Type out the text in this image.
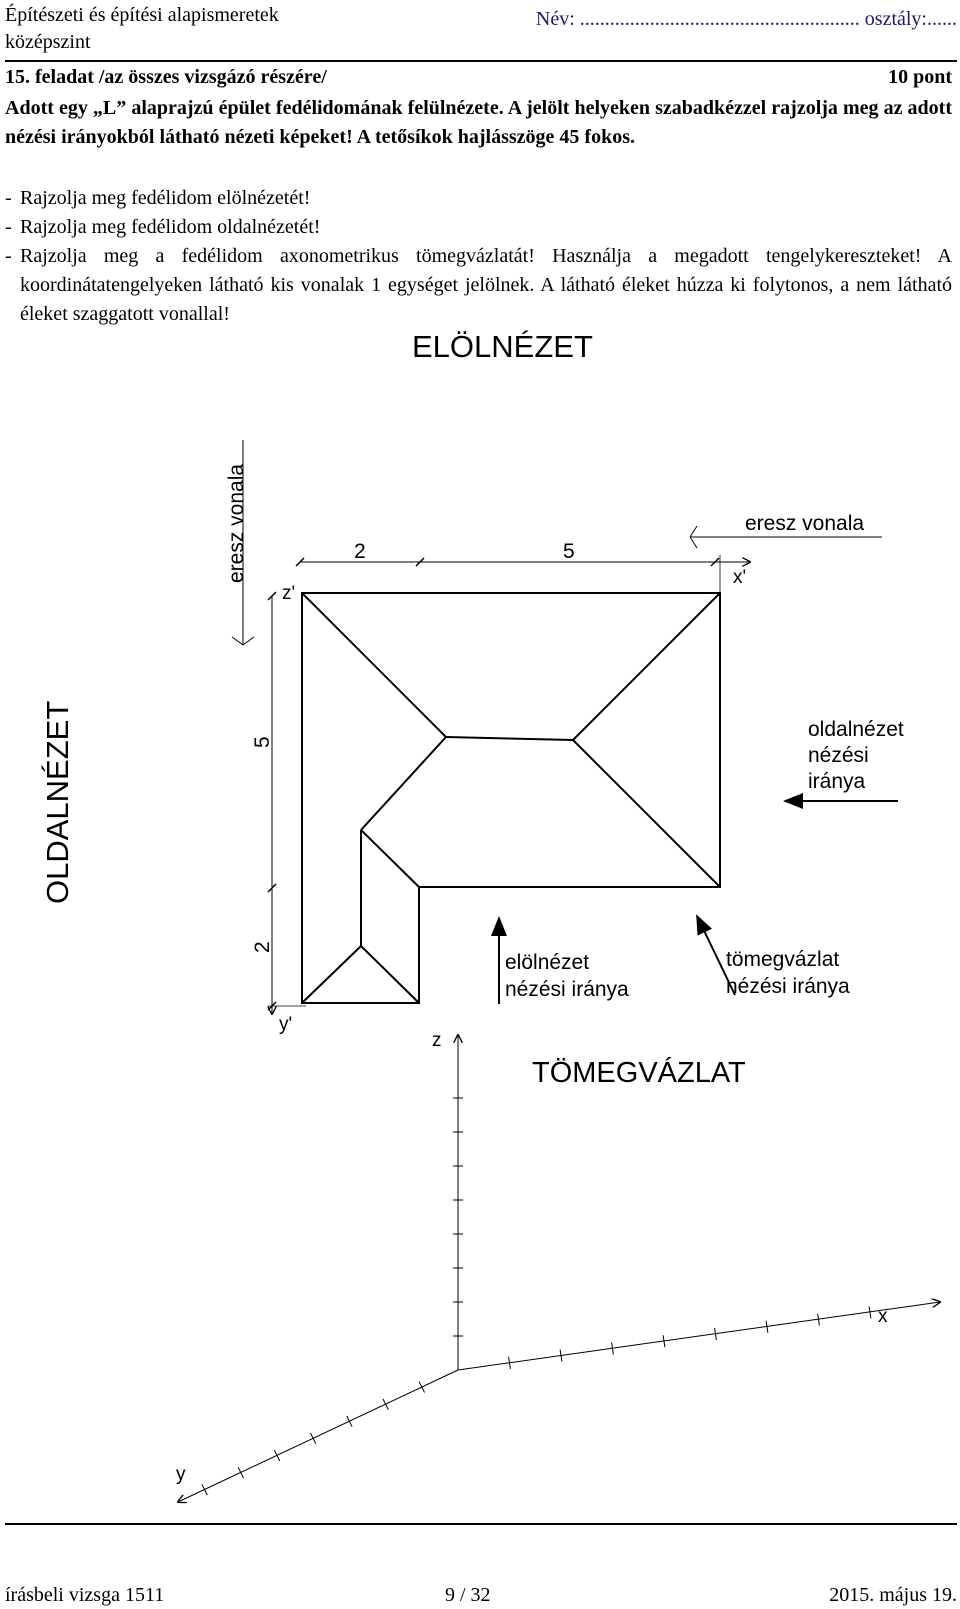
Építészeti és építési alapismeretek
középszint
Név: ........................................................ osztály:......
15. feladat /az összes vizsgázó részére/	10 pont
Adott egy „L” alaprajzú épület fedélidomának felülnézete. A jelölt helyeken szabadkézzel rajzolja meg az adott nézési irányokból látható nézeti képeket! A tetősíkok hajlásszöge 45 fokos.
- Rajzolja meg fedélidom elölnézetét!
- Rajzolja meg fedélidom oldalnézetét!
- Rajzolja meg a fedélidom axonometrikus tömegvázlatát! Használja a megadott tengelykereszteket! A koordinátatengelyeken látható kis vonalak 1 egységet jelölnek. A látható éleket húzza ki folytonos, a nem látható éleket szaggatott vonallal!
ELÖLNÉZET
OLDALNÉZET
TÖMEGVÁZLAT
eresz vonala	eresz vonala
2	5
x'
5
2
z'
y'
oldalnézet
nézési
iránya
elölnézet
nézési iránya
tömegvázlat
nézési iránya
z
x
y
írásbeli vizsga 1511	9 / 32	2015. május 19.
